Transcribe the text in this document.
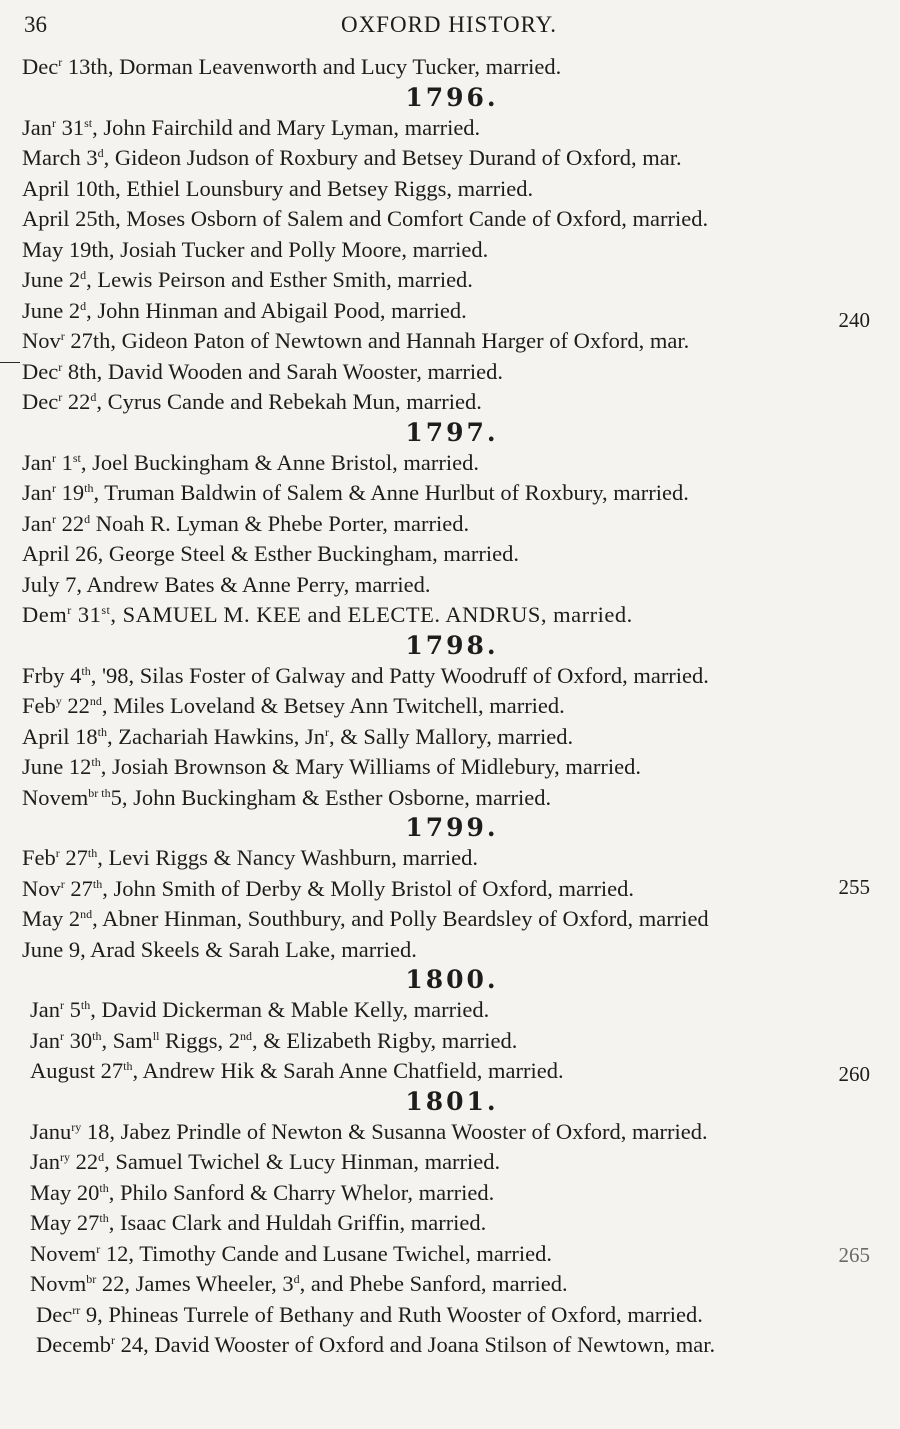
36	OXFORD HISTORY.
240
255
260
265
Dec$^r$ 13th, Dorman Leavenworth and Lucy Tucker, married.
1796.
Jan$^r$ 31st, John Fairchild and Mary Lyman, married.
March 3$^d$, Gideon Judson of Roxbury and Betsey Durand of Oxford, mar.
April 10th, Ethiel Lounsbury and Betsey Riggs, married.
April 25th, Moses Osborn of Salem and Comfort Cande of Oxford, married.
May 19th, Josiah Tucker and Polly Moore, married.
June 2$^d$, Lewis Peirson and Esther Smith, married.
June 2$^d$, John Hinman and Abigail Pood, married.
Nov$^r$ 27th, Gideon Paton of Newtown and Hannah Harger of Oxford, mar.
Dec$^r$ 8th, David Wooden and Sarah Wooster, married.
Dec$^r$ 22$^d$, Cyrus Cande and Rebekah Mun, married.
1797.
Jan$^r$ 1st, Joel Buckingham & Anne Bristol, married.
Jan$^r$ 19th, Truman Baldwin of Salem & Anne Hurlbut of Roxbury, married.
Jan$^r$ 22$^d$ Noah R. Lyman & Phebe Porter, married.
April 26, George Steel & Esther Buckingham, married.
July 7, Andrew Bates & Anne Perry, married.
Dem$^r$ 31st, SAMUEL M. KEE and ELECTE. ANDRUS, married.
1798.
Frby 4th, '98, Silas Foster of Galway and Patty Woodruff of Oxford, married.
Feb$^y$ 22nd, Miles Loveland & Betsey Ann Twitchell, married.
April 18th, Zachariah Hawkins, Jn$^r$, & Sally Mallory, married.
June 12th, Josiah Brownson & Mary Williams of Midlebury, married.
Novem$^{br th}$5, John Buckingham & Esther Osborne, married.
1799.
Feb$^r$ 27th, Levi Riggs & Nancy Washburn, married.
Nov$^r$ 27th, John Smith of Derby & Molly Bristol of Oxford, married.
May 2nd, Abner Hinman, Southbury, and Polly Beardsley of Oxford, married
June 9, Arad Skeels & Sarah Lake, married.
1800.
Jan$^r$ 5th, David Dickerman & Mable Kelly, married.
Jan$^r$ 30th, Sam$^{ll}$ Riggs, 2nd, & Elizabeth Rigby, married.
August 27th, Andrew Hik & Sarah Anne Chatfield, married.
1801.
Janu$^{ry}$ 18, Jabez Prindle of Newton & Susanna Wooster of Oxford, married.
Jan$^{ry}$ 22$^d$, Samuel Twichel & Lucy Hinman, married.
May 20th, Philo Sanford & Charry Whelor, married.
May 27th, Isaac Clark and Huldah Griffin, married.
Novem$^r$ 12, Timothy Cande and Lusane Twichel, married.
Novm$^{br}$ 22, James Wheeler, 3$^d$, and Phebe Sanford, married.
Dec$^{rr}$ 9, Phineas Turrele of Bethany and Ruth Wooster of Oxford, married.
Decemb$^r$ 24, David Wooster of Oxford and Joana Stilson of Newtown, mar.
